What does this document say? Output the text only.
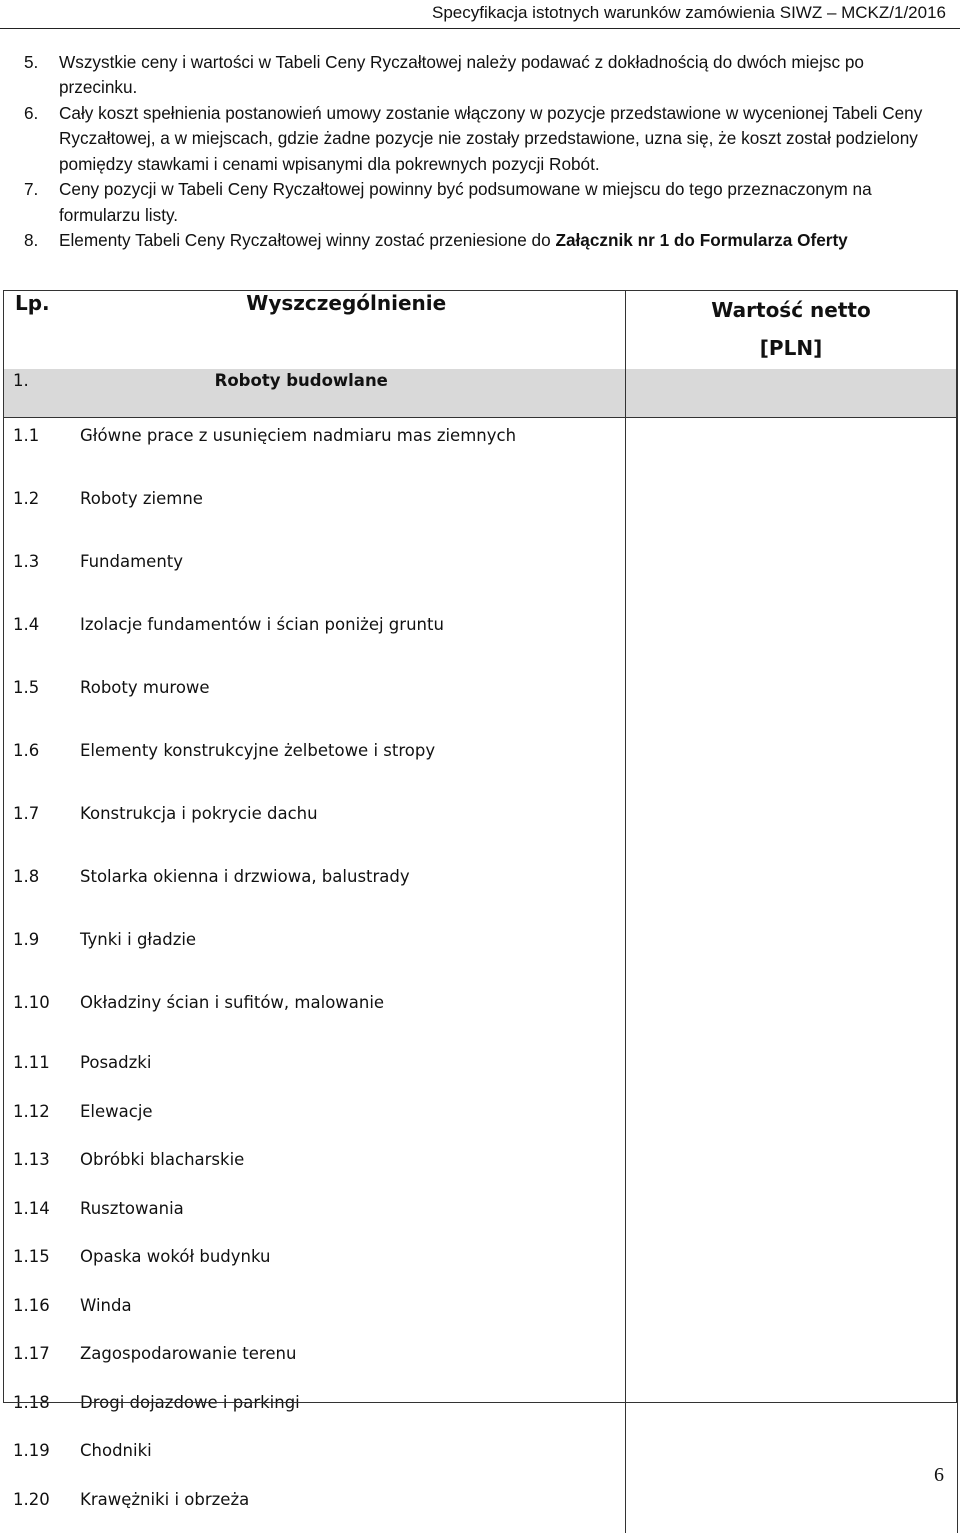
Specyfikacja istotnych warunków zamówienia SIWZ – MCKZ/1/2016
5. Wszystkie ceny i wartości w Tabeli Ceny Ryczałtowej należy podawać z dokładnością do dwóch miejsc po przecinku.
6. Cały koszt spełnienia postanowień umowy zostanie włączony w pozycje przedstawione w wycenionej Tabeli Ceny Ryczałtowej, a w miejscach, gdzie żadne pozycje nie zostały przedstawione, uzna się, że koszt został podzielony pomiędzy stawkami i cenami wpisanymi dla pokrewnych pozycji Robót.
7. Ceny pozycji w Tabeli Ceny Ryczałtowej powinny być podsumowane w miejscu do tego przeznaczonym na formularzu listy.
8. Elementy Tabeli Ceny Ryczałtowej winny zostać przeniesione do Załącznik nr 1 do Formularza Oferty
Lp.	Wyszczególnienie	Wartość netto
[PLN]

1.	Roboty budowlane	
1.1	Główne prace z usunięciem nadmiaru mas ziemnych	
1.2	Roboty ziemne	
1.3	Fundamenty	
1.4	Izolacje fundamentów i ścian poniżej gruntu	
1.5	Roboty murowe	
1.6	Elementy konstrukcyjne żelbetowe i stropy	
1.7	Konstrukcja i pokrycie dachu	
1.8	Stolarka okienna i drzwiowa, balustrady	
1.9	Tynki i gładzie	
1.10	Okładziny ścian i sufitów, malowanie	
1.11	Posadzki	
1.12	Elewacje	
1.13	Obróbki blacharskie	
1.14	Rusztowania	
1.15	Opaska wokół budynku	
1.16	Winda	
1.17	Zagospodarowanie terenu	
1.18	Drogi dojazdowe i parkingi	
1.19	Chodniki	
1.20	Krawężniki i obrzeża	
6
